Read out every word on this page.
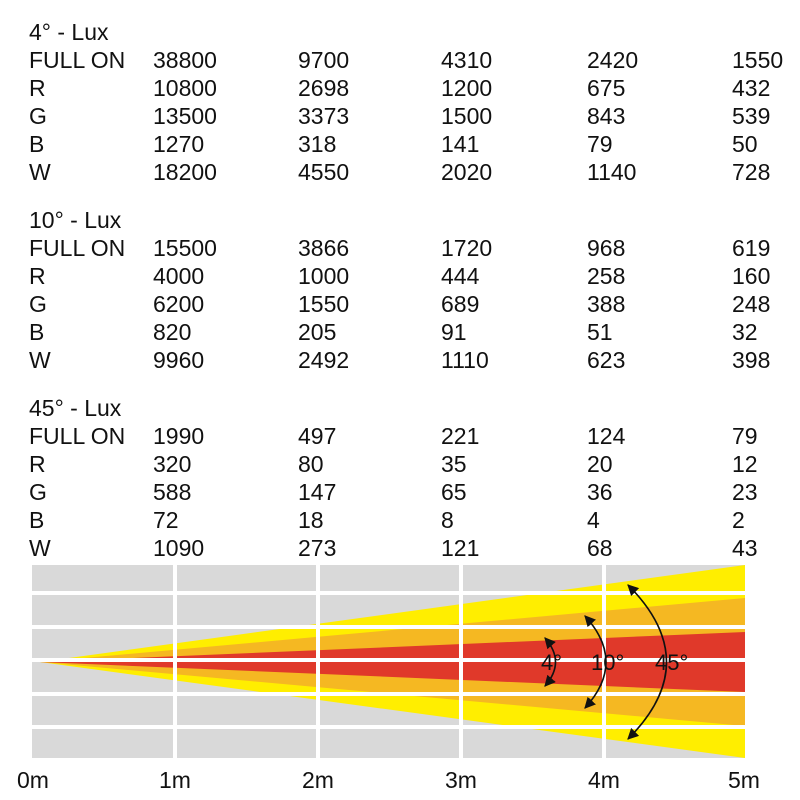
4° - Lux
FULL ON 38800	9700	4310	2420	1550
R	10800	2698	1200	675	432
G	13500	3373	1500	843	539
B	1270	318	141	79	50
W	18200	4550	2020	1140	728
10° - Lux
FULL ON 15500	3866	1720	968	619
R	4000	1000	444	258	160
G	6200	1550	689	388	248
B	820	205	91	51	32
W	9960	2492	1110	623	398
45° - Lux
FULL ON 1990	497	221	124	79
R	320	80	35	20	12
G	588	147	65	36	23
B	72	18	8	4	2
W	1090	273	121	68	43
4° 10° 45°
0m	1m	2m	3m	4m	5m
